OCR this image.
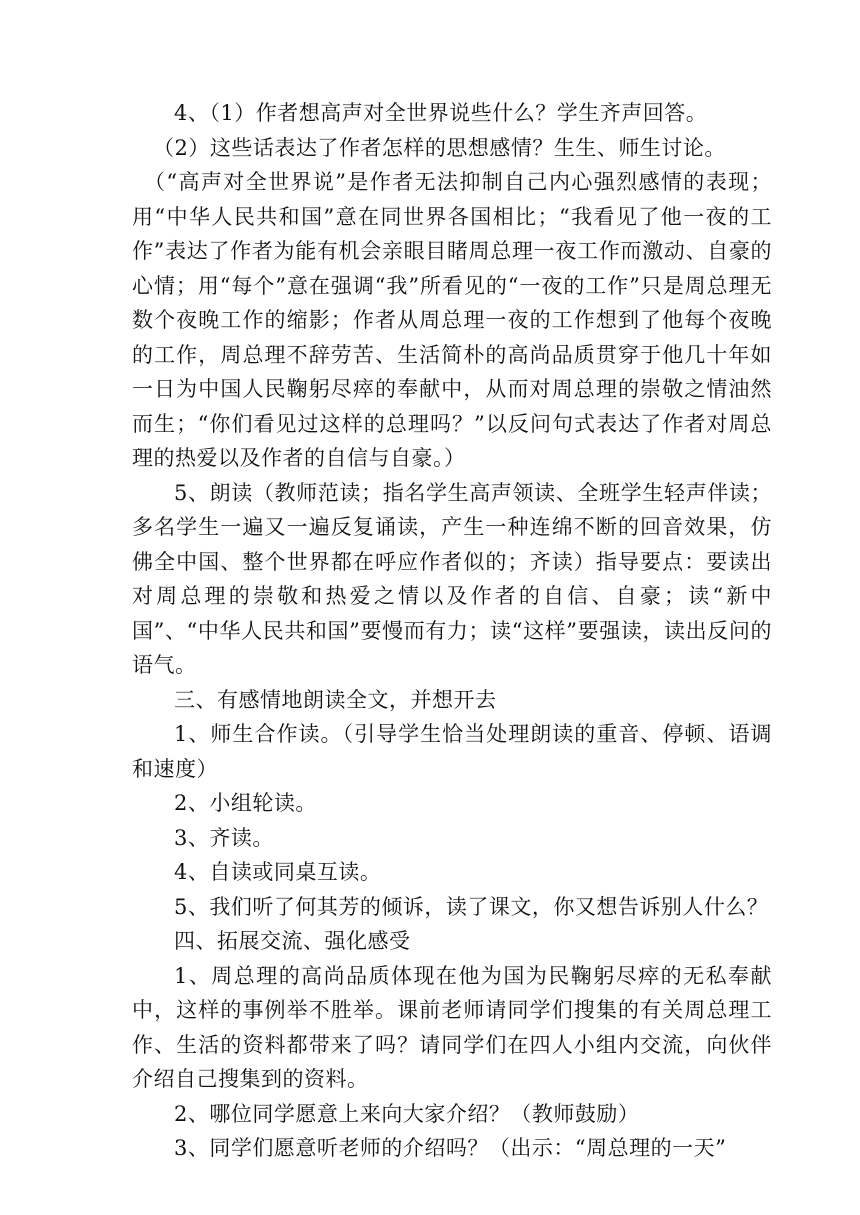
4、（1）作者想高声对全世界说些什么？学生齐声回答。

（2）这些话表达了作者怎样的思想感情？生生、师生讨论。

（“高声对全世界说”是作者无法抑制自己内心强烈感情的表现；用“中华人民共和国”意在同世界各国相比；“我看见了他一夜的工作”表达了作者为能有机会亲眼目睹周总理一夜工作而激动、自豪的心情；用“每个”意在强调“我”所看见的“一夜的工作”只是周总理无数个夜晚工作的缩影；作者从周总理一夜的工作想到了他每个夜晚的工作，周总理不辞劳苦、生活简朴的高尚品质贯穿于他几十年如一日为中国人民鞠躬尽瘁的奉献中，从而对周总理的崇敬之情油然而生；“你们看见过这样的总理吗？”以反问句式表达了作者对周总理的热爱以及作者的自信与自豪。）

5、朗读（教师范读；指名学生高声领读、全班学生轻声伴读；多名学生一遍又一遍反复诵读，产生一种连绵不断的回音效果，仿佛全中国、整个世界都在呼应作者似的；齐读）指导要点：要读出对周总理的崇敬和热爱之情以及作者的自信、自豪；读“新中国”、“中华人民共和国”要慢而有力；读“这样”要强读，读出反问的语气。

三、有感情地朗读全文，并想开去

1、师生合作读。（引导学生恰当处理朗读的重音、停顿、语调和速度）

2、小组轮读。

3、齐读。

4、自读或同桌互读。

5、我们听了何其芳的倾诉，读了课文，你又想告诉别人什么？

四、拓展交流、强化感受

1、周总理的高尚品质体现在他为国为民鞠躬尽瘁的无私奉献中，这样的事例举不胜举。课前老师请同学们搜集的有关周总理工作、生活的资料都带来了吗？请同学们在四人小组内交流，向伙伴介绍自己搜集到的资料。

2、哪位同学愿意上来向大家介绍？（教师鼓励）

3、同学们愿意听老师的介绍吗？（出示：“周总理的一天”
